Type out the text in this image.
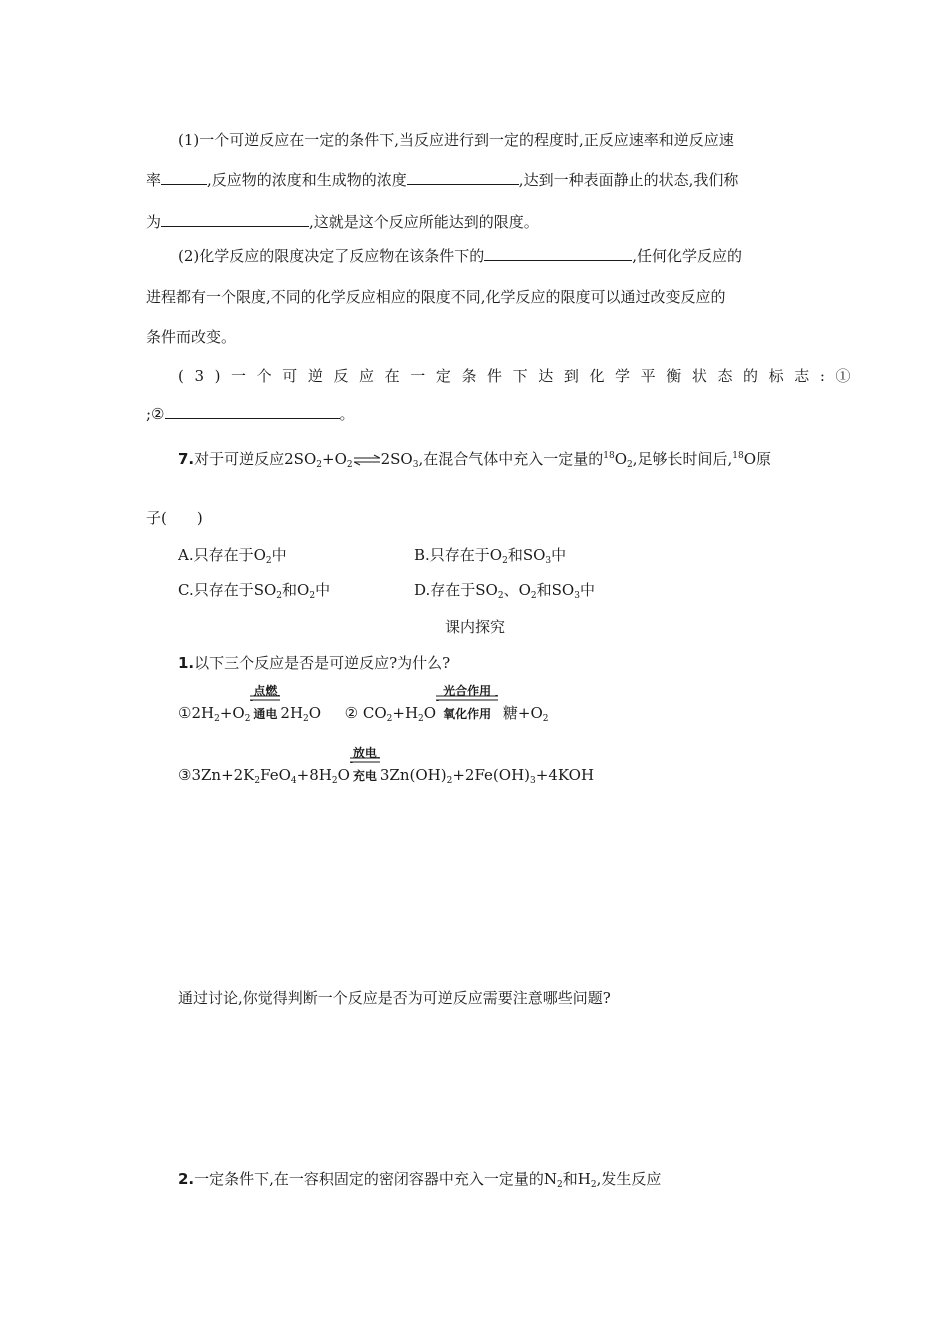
(1)一个可逆反应在一定的条件下,当反应进行到一定的程度时,正反应速率和逆反应速
率	,反应物的浓度和生成物的浓度	,达到一种表面静止的状态,我们称
为	,这就是这个反应所能达到的限度。
(2)化学反应的限度决定了反应物在该条件下的	,任何化学反应的
进程都有一个限度,不同的化学反应相应的限度不同,化学反应的限度可以通过改变反应的
条件而改变。
(3)一个可逆反应在一定条件下达到化学平衡状态的标志:①
;②	。
7.对于可逆反应$2SO_2+O_2\rightleftharpoons 2SO_3$,在混合气体中充入一定量的$^{18}O_2$,足够长时间后,$^{18}$O原
子(　　)
A.只存在于$O_2$中	B.只存在于$O_2$和$SO_3$中
C.只存在于$SO_2$和$O_2$中	D.存在于$SO_2$、$O_2$和$SO_3$中
课内探究
1.以下三个反应是否是可逆反应?为什么?
$①2H_2+O_2$
点燃
通电 $2H_2O$ ② $CO_2+H_2O$
光合作用
氧化作用 糖$+O_2$
$③3Zn+2K_2FeO_4+8H_2O$
放电
充电 $3Zn(OH)_2+2Fe(OH)_3+4KOH$
通过讨论,你觉得判断一个反应是否为可逆反应需要注意哪些问题?
2.一定条件下,在一容积固定的密闭容器中充入一定量的$N_2$和$H_2$,发生反应
